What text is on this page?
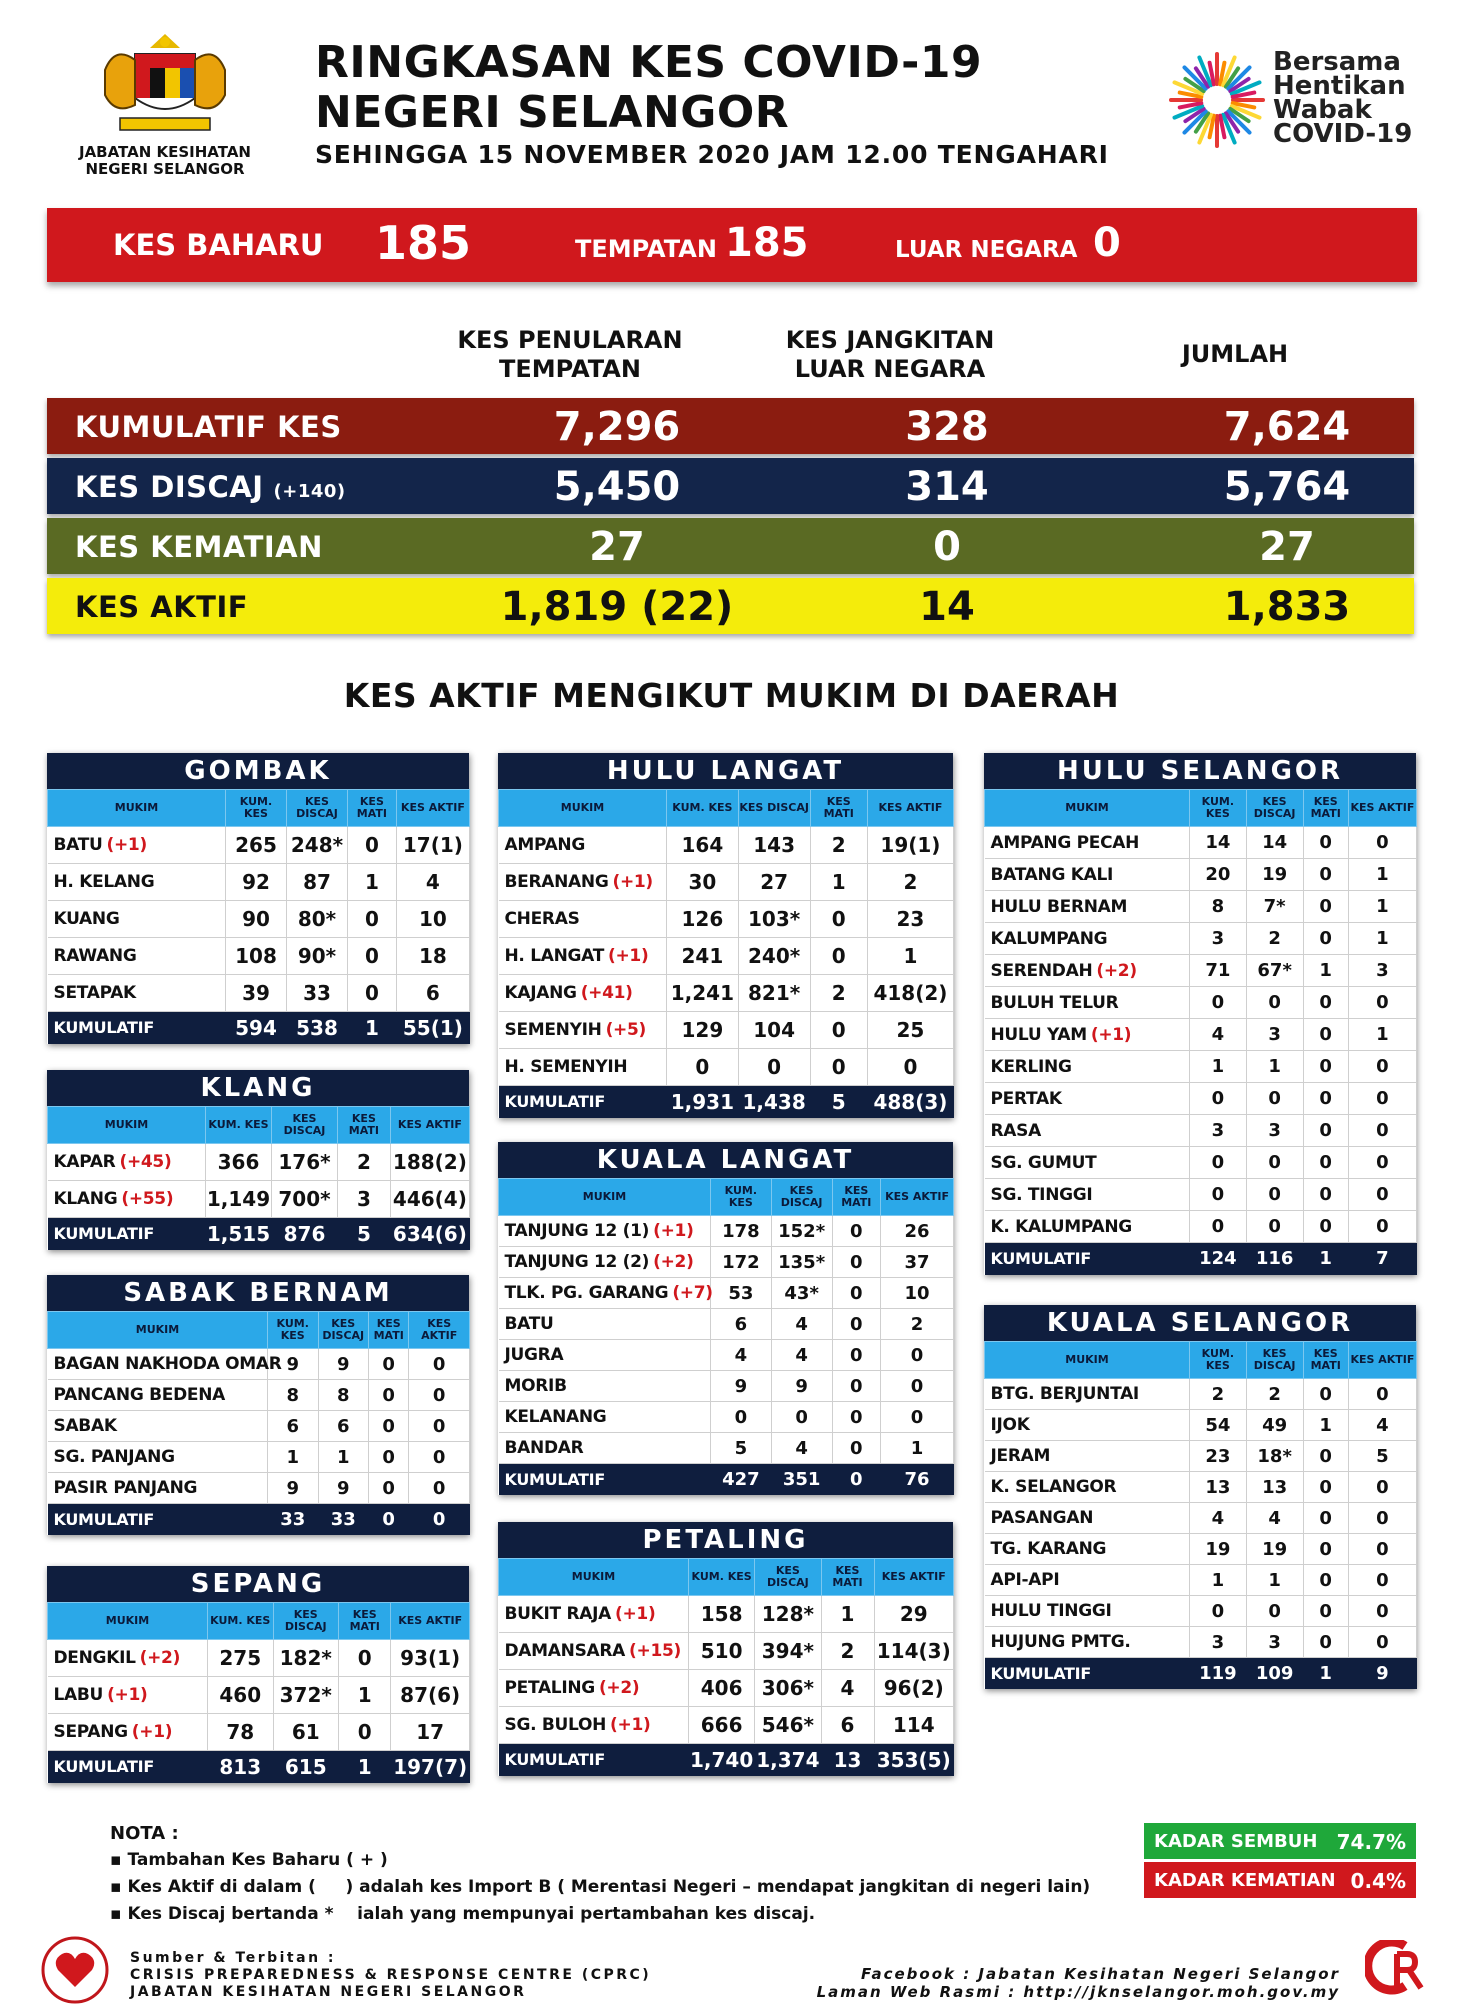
JABATAN KESIHATAN NEGERI SELANGOR
RINGKASAN KES COVID-19
NEGERI SELANGOR
SEHINGGA 15 NOVEMBER 2020 JAM 12.00 TENGAHARI
Bersama
Hentikan
Wabak
COVID-19
KES BAHARU 185	TEMPATAN 185	LUAR NEGARA 0
KES PENULARAN TEMPATAN
KES JANGKITAN LUAR NEGARA
JUMLAH
KUMULATIF KES	7,296	328	7,624
KES DISCAJ (+140)	5,450	314	5,764
KES KEMATIAN	27	0	27
KES AKTIF	1,819 (22)	14	1,833
KES AKTIF MENGIKUT MUKIM DI DAERAH
GOMBAK
MUKIM	KUM. KES	KES DISCAJ	KES MATI	KES AKTIF
BATU (+1)	265	248*	0	17(1)
H. KELANG	92	87	1	4
KUANG	90	80*	0	10
RAWANG	108	90*	0	18
SETAPAK	39	33	0	6
KUMULATIF	594	538	1	55(1)
KLANG
MUKIM	KUM. KES	KES DISCAJ	KES MATI	KES AKTIF
KAPAR (+45)	366	176*	2	188(2)
KLANG (+55)	1,149	700*	3	446(4)
KUMULATIF	1,515	876	5	634(6)
SABAK BERNAM
MUKIM	KUM. KES	KES DISCAJ	KES MATI	KES AKTIF
BAGAN NAKHODA OMAR	9	9	0	0
PANCANG BEDENA	8	8	0	0
SABAK	6	6	0	0
SG. PANJANG	1	1	0	0
PASIR PANJANG	9	9	0	0
KUMULATIF	33	33	0	0
SEPANG
MUKIM	KUM. KES	KES DISCAJ	KES MATI	KES AKTIF
DENGKIL (+2)	275	182*	0	93(1)
LABU (+1)	460	372*	1	87(6)
SEPANG (+1)	78	61	0	17
KUMULATIF	813	615	1	197(7)
HULU LANGAT
MUKIM	KUM. KES	KES DISCAJ	KES MATI	KES AKTIF
AMPANG	164	143	2	19(1)
BERANANG (+1)	30	27	1	2
CHERAS	126	103*	0	23
H. LANGAT (+1)	241	240*	0	1
KAJANG (+41)	1,241	821*	2	418(2)
SEMENYIH (+5)	129	104	0	25
H. SEMENYIH	0	0	0	0
KUMULATIF	1,931	1,438	5	488(3)
KUALA LANGAT
MUKIM	KUM. KES	KES DISCAJ	KES MATI	KES AKTIF
TANJUNG 12 (1) (+1)	178	152*	0	26
TANJUNG 12 (2) (+2)	172	135*	0	37
TLK. PG. GARANG (+7)	53	43*	0	10
BATU	6	4	0	2
JUGRA	4	4	0	0
MORIB	9	9	0	0
KELANANG	0	0	0	0
BANDAR	5	4	0	1
KUMULATIF	427	351	0	76
PETALING
MUKIM	KUM. KES	KES DISCAJ	KES MATI	KES AKTIF
BUKIT RAJA (+1)	158	128*	1	29
DAMANSARA (+15)	510	394*	2	114(3)
PETALING (+2)	406	306*	4	96(2)
SG. BULOH (+1)	666	546*	6	114
KUMULATIF	1,740	1,374	13	353(5)
HULU SELANGOR
MUKIM	KUM. KES	KES DISCAJ	KES MATI	KES AKTIF
AMPANG PECAH	14	14	0	0
BATANG KALI	20	19	0	1
HULU BERNAM	8	7*	0	1
KALUMPANG	3	2	0	1
SERENDAH (+2)	71	67*	1	3
BULUH TELUR	0	0	0	0
HULU YAM (+1)	4	3	0	1
KERLING	1	1	0	0
PERTAK	0	0	0	0
RASA	3	3	0	0
SG. GUMUT	0	0	0	0
SG. TINGGI	0	0	0	0
K. KALUMPANG	0	0	0	0
KUMULATIF	124	116	1	7
KUALA SELANGOR
MUKIM	KUM. KES	KES DISCAJ	KES MATI	KES AKTIF
BTG. BERJUNTAI	2	2	0	0
IJOK	54	49	1	4
JERAM	23	18*	0	5
K. SELANGOR	13	13	0	0
PASANGAN	4	4	0	0
TG. KARANG	19	19	0	0
API-API	1	1	0	0
HULU TINGGI	0	0	0	0
HUJUNG PMTG.	3	3	0	0
KUMULATIF	119	109	1	9
NOTA :
▪ Tambahan Kes Baharu ( + )
▪ Kes Aktif di dalam (     ) adalah kes Import B ( Merentasi Negeri – mendapat jangkitan di negeri lain)
▪ Kes Discaj bertanda *    ialah yang mempunyai pertambahan kes discaj.
KADAR SEMBUH 74.7%
KADAR KEMATIAN 0.4%
Sumber & Terbitan :
CRISIS PREPAREDNESS & RESPONSE CENTRE (CPRC)
JABATAN KESIHATAN NEGERI SELANGOR
Facebook : Jabatan Kesihatan Negeri Selangor
Laman Web Rasmi : http://jknselangor.moh.gov.my
